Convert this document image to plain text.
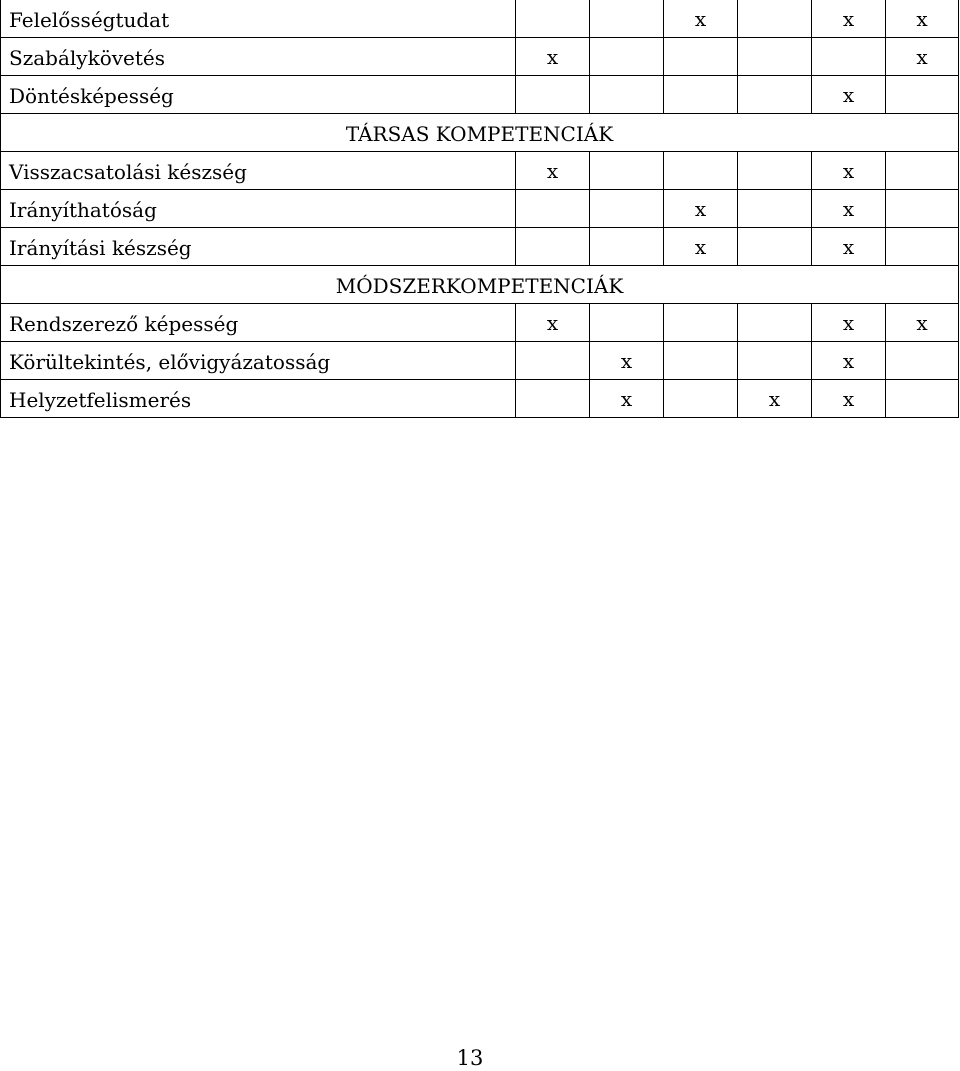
Felelősségtudat			x		x	x
Szabálykövetés	x					x
Döntésképesség					x	
TÁRSAS KOMPETENCIÁK						
Visszacsatolási készség	x				x	
Irányíthatóság			x		x	
Irányítási készség			x		x	
MÓDSZERKOMPETENCIÁK						
Rendszerező képesség	x				x	x
Körültekintés, elővigyázatosság		x			x	
Helyzetfelismerés		x		x	x	
13
